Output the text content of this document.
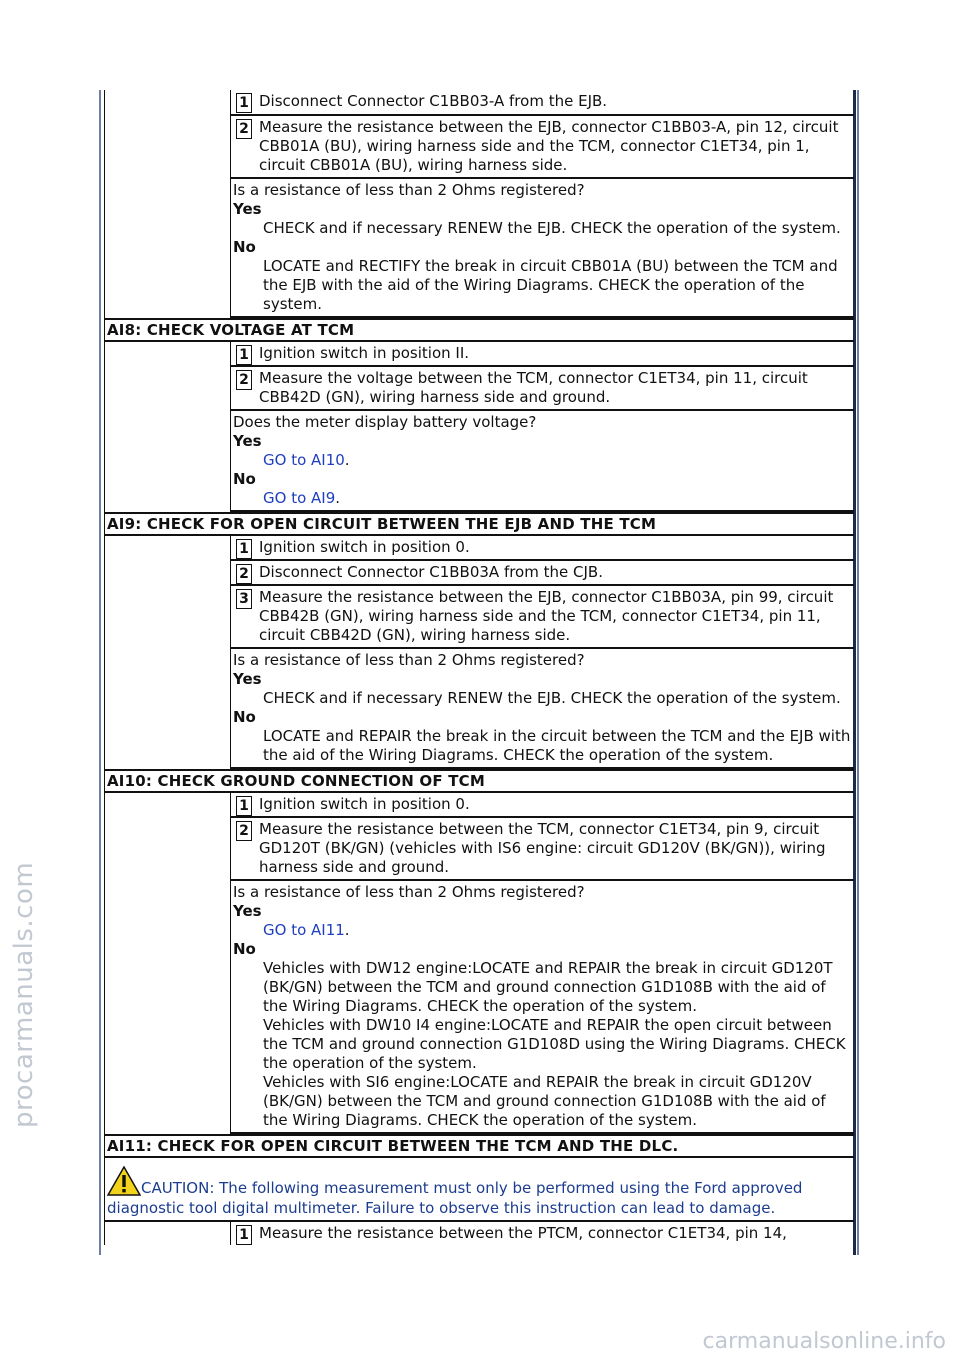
procarmanuals.com
carmanualsonline.info
1 Disconnect Connector C1BB03-A from the EJB.
2 Measure the resistance between the EJB, connector C1BB03-A, pin 12, circuit CBB01A (BU), wiring harness side and the TCM, connector C1ET34, pin 1, circuit CBB01A (BU), wiring harness side.
Is a resistance of less than 2 Ohms registered?
Yes
CHECK and if necessary RENEW the EJB. CHECK the operation of the system.
No
LOCATE and RECTIFY the break in circuit CBB01A (BU) between the TCM and the EJB with the aid of the Wiring Diagrams. CHECK the operation of the system.
AI8: CHECK VOLTAGE AT TCM
1 Ignition switch in position II.
2 Measure the voltage between the TCM, connector C1ET34, pin 11, circuit CBB42D (GN), wiring harness side and ground.
Does the meter display battery voltage?
Yes
GO to AI10.
No
GO to AI9.
AI9: CHECK FOR OPEN CIRCUIT BETWEEN THE EJB AND THE TCM
1 Ignition switch in position 0.
2 Disconnect Connector C1BB03A from the CJB.
3 Measure the resistance between the EJB, connector C1BB03A, pin 99, circuit CBB42B (GN), wiring harness side and the TCM, connector C1ET34, pin 11, circuit CBB42D (GN), wiring harness side.
Is a resistance of less than 2 Ohms registered?
Yes
CHECK and if necessary RENEW the EJB. CHECK the operation of the system.
No
LOCATE and REPAIR the break in the circuit between the TCM and the EJB with the aid of the Wiring Diagrams. CHECK the operation of the system.
AI10: CHECK GROUND CONNECTION OF TCM
1 Ignition switch in position 0.
2 Measure the resistance between the TCM, connector C1ET34, pin 9, circuit GD120T (BK/GN) (vehicles with IS6 engine: circuit GD120V (BK/GN)), wiring harness side and ground.
Is a resistance of less than 2 Ohms registered?
Yes
GO to AI11.
No
Vehicles with DW12 engine:LOCATE and REPAIR the break in circuit GD120T (BK/GN) between the TCM and ground connection G1D108B with the aid of the Wiring Diagrams. CHECK the operation of the system.
Vehicles with DW10 I4 engine:LOCATE and REPAIR the open circuit between the TCM and ground connection G1D108D using the Wiring Diagrams. CHECK the operation of the system.
Vehicles with SI6 engine:LOCATE and REPAIR the break in circuit GD120V (BK/GN) between the TCM and ground connection G1D108B with the aid of the Wiring Diagrams. CHECK the operation of the system.
AI11: CHECK FOR OPEN CIRCUIT BETWEEN THE TCM AND THE DLC.
CAUTION: The following measurement must only be performed using the Ford approved diagnostic tool digital multimeter. Failure to observe this instruction can lead to damage.
1 Measure the resistance between the PTCM, connector C1ET34, pin 14,
